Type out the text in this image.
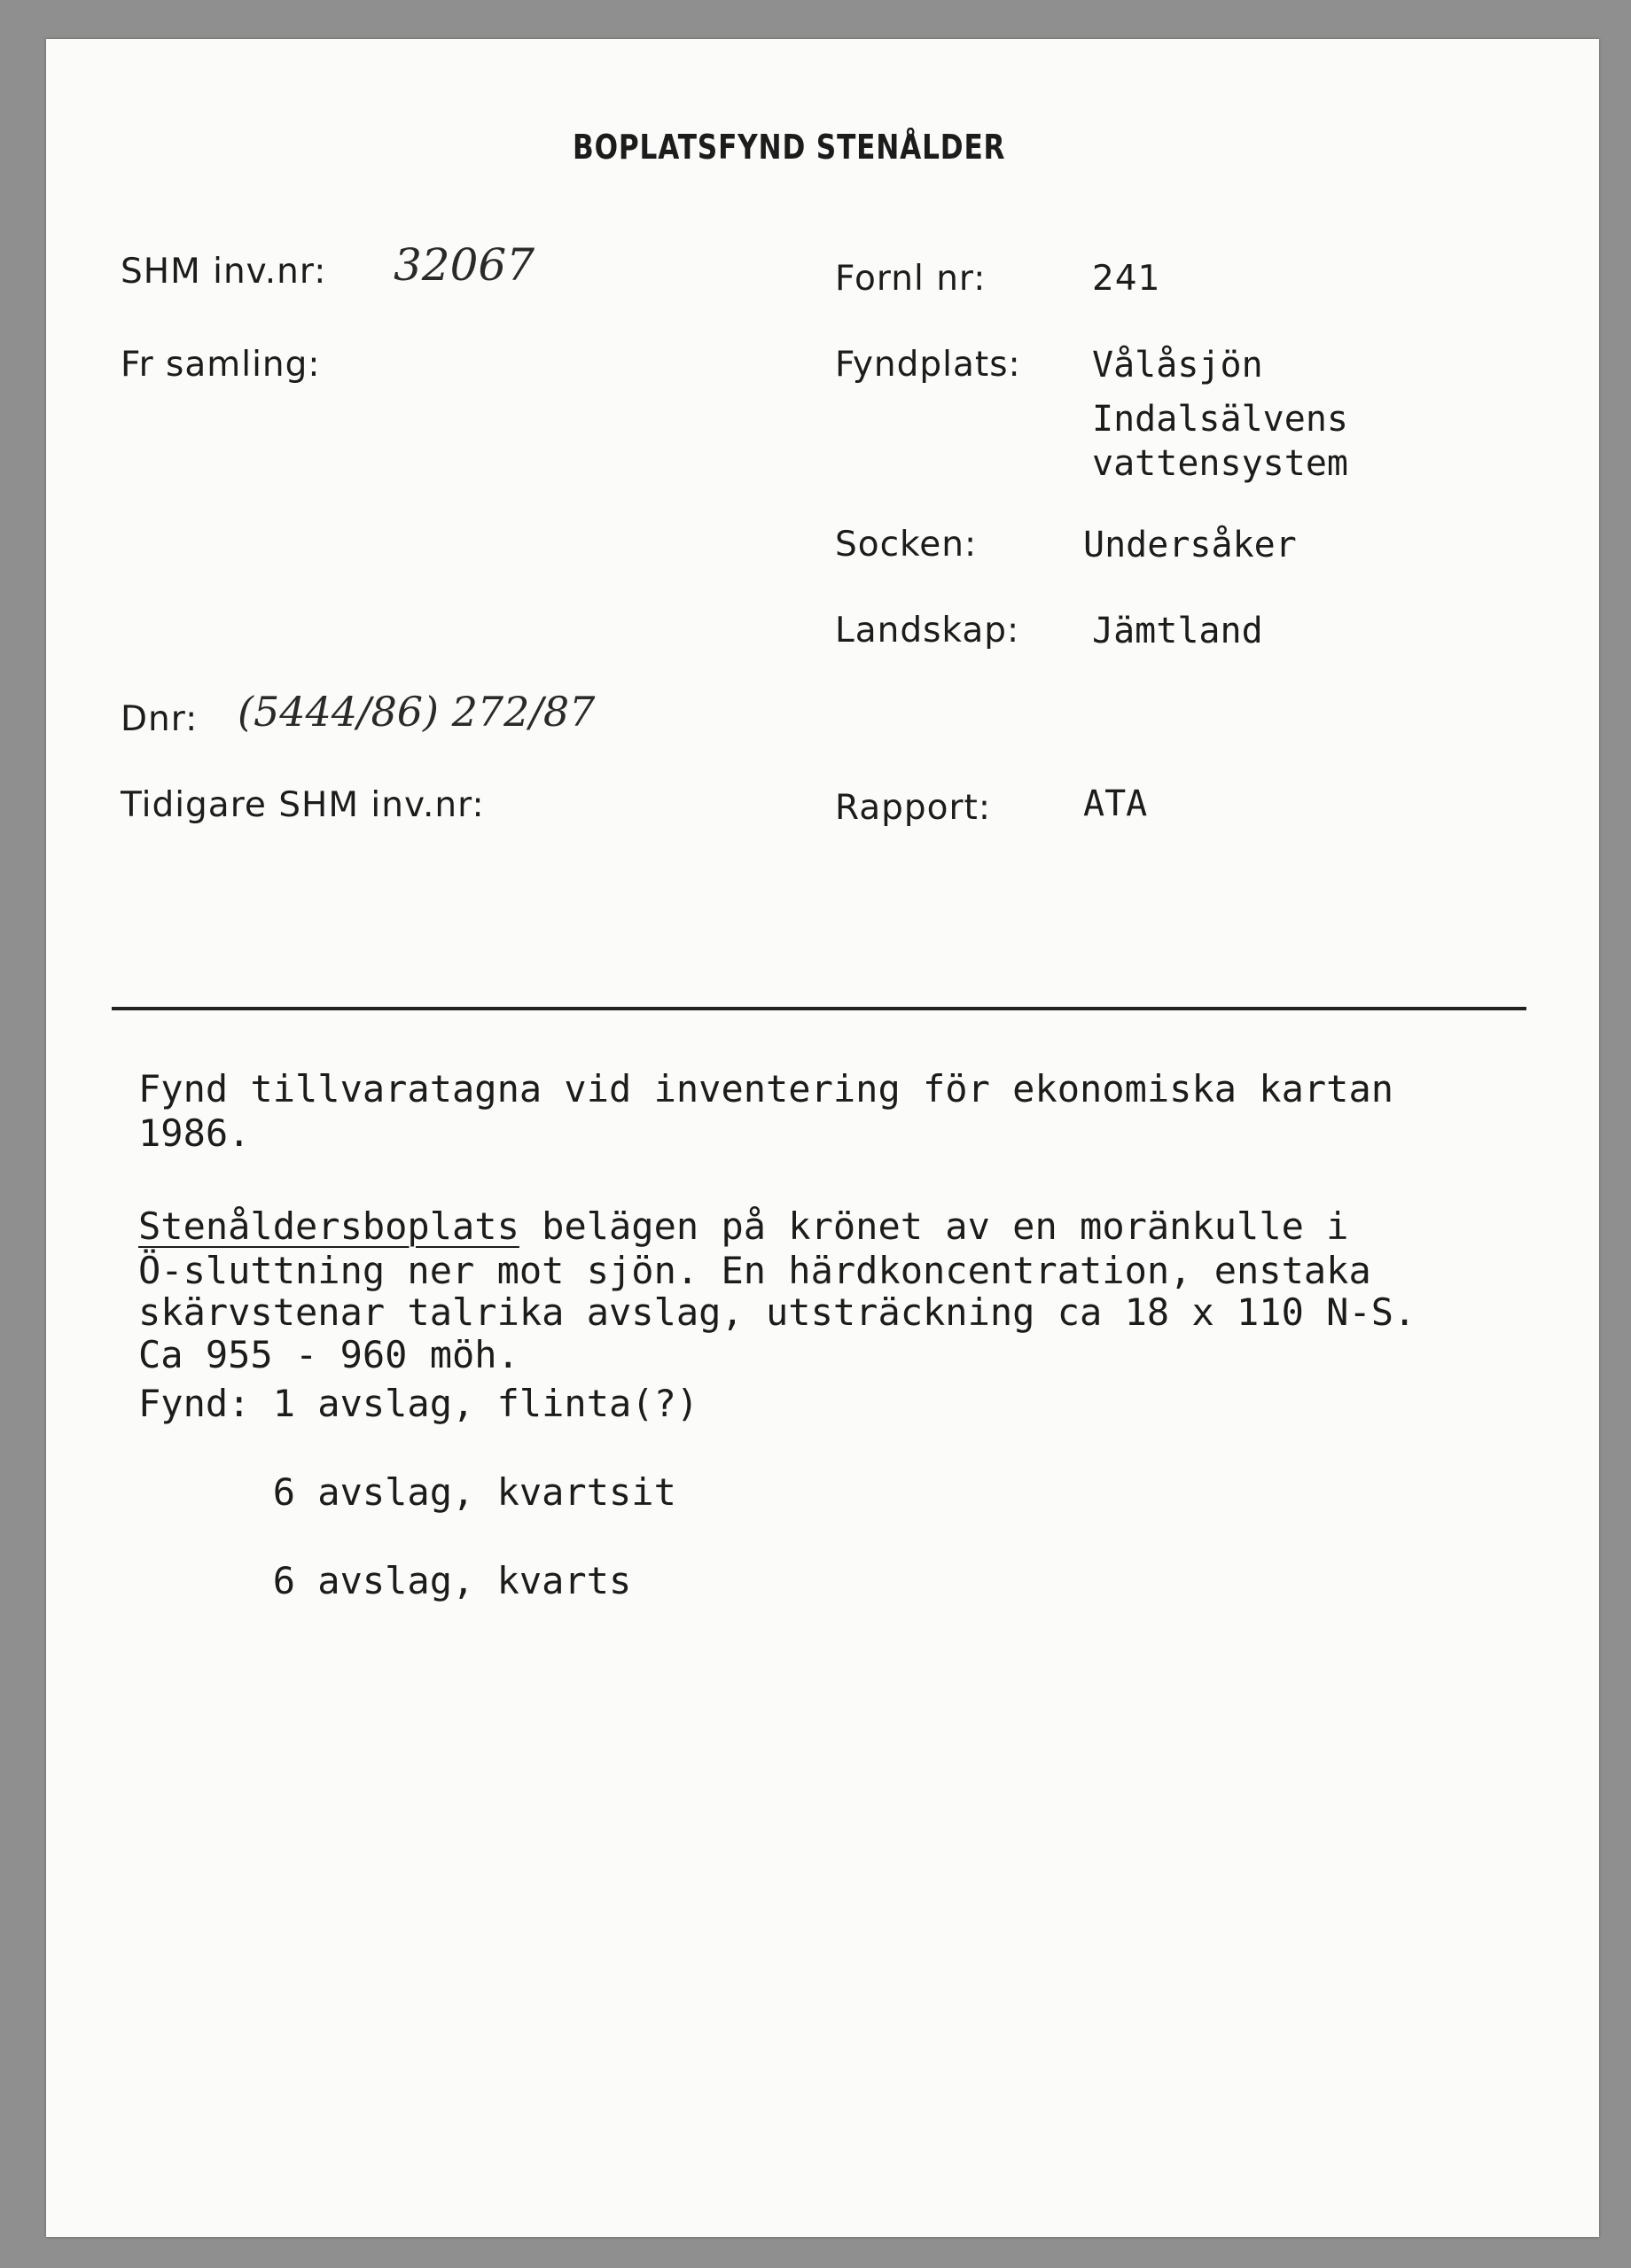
BOPLATSFYND STENÅLDER
SHM inv.nr: 32067
Fr samling:
Dnr: (5444/86) 272/87
Tidigare SHM inv.nr:
Fornl nr:	241
Fyndplats: Vålåsjön
Indalsälvens
vattensystem
Socken:	Undersåker
Landskap: Jämtland
Rapport:	ATA
Fynd tillvaratagna vid inventering för ekonomiska kartan
1986.
Stenåldersboplats belägen på krönet av en moränkulle i
Ö-sluttning ner mot sjön. En härdkoncentration, enstaka
skärvstenar talrika avslag, utsträckning ca 18 x 110 N-S.
Ca 955 - 960 möh.
Fynd: 1 avslag, flinta(?)
6 avslag, kvartsit
6 avslag, kvarts
